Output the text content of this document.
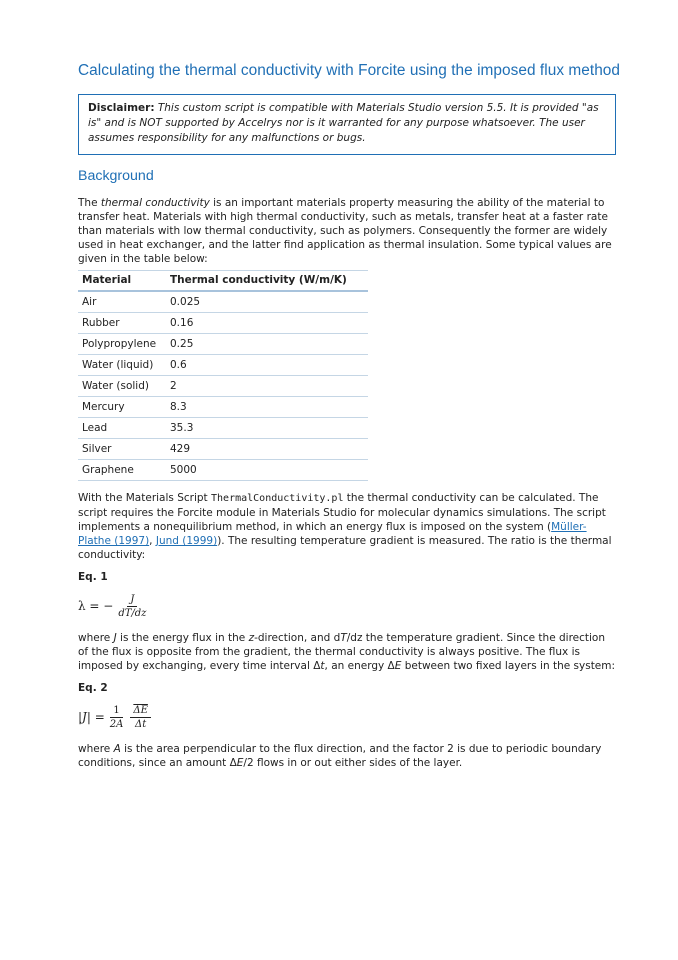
Calculating the thermal conductivity with Forcite using the imposed flux method
Disclaimer: This custom script is compatible with Materials Studio version 5.5. It is provided "as is" and is NOT supported by Accelrys nor is it warranted for any purpose whatsoever. The user assumes responsibility for any malfunctions or bugs.
Background

The thermal conductivity is an important materials property measuring the ability of the material to transfer heat. Materials with high thermal conductivity, such as metals, transfer heat at a faster rate than materials with low thermal conductivity, such as polymers. Consequently the former are widely used in heat exchanger, and the latter find application as thermal insulation. Some typical values are given in the table below:

Material	Thermal conductivity (W/m/K)
Air	0.025
Rubber	0.16
Polypropylene	0.25
Water (liquid)	0.6
Water (solid)	2
Mercury	8.3
Lead	35.3
Silver	429
Graphene	5000

With the Materials Script ThermalConductivity.pl the thermal conductivity can be calculated. The script requires the Forcite module in Materials Studio for molecular dynamics simulations. The script implements a nonequilibrium method, in which an energy flux is imposed on the system (Müller-Plathe (1997), Jund (1999)). The resulting temperature gradient is measured. The ratio is the thermal conductivity:

Eq. 1
λ = − $\frac{J}{dT/dz}$

where J is the energy flux in the z-direction, and dT/dz the temperature gradient. Since the direction of the flux is opposite from the gradient, the thermal conductivity is always positive. The flux is imposed by exchanging, every time interval Δt, an energy ΔE between two fixed layers in the system:

Eq. 2
$|J| = \frac{1}{2A} \frac{\overline{\Delta E}}{\Delta t}$

where A is the area perpendicular to the flux direction, and the factor 2 is due to periodic boundary conditions, since an amount ΔE/2 flows in or out either sides of the layer.
